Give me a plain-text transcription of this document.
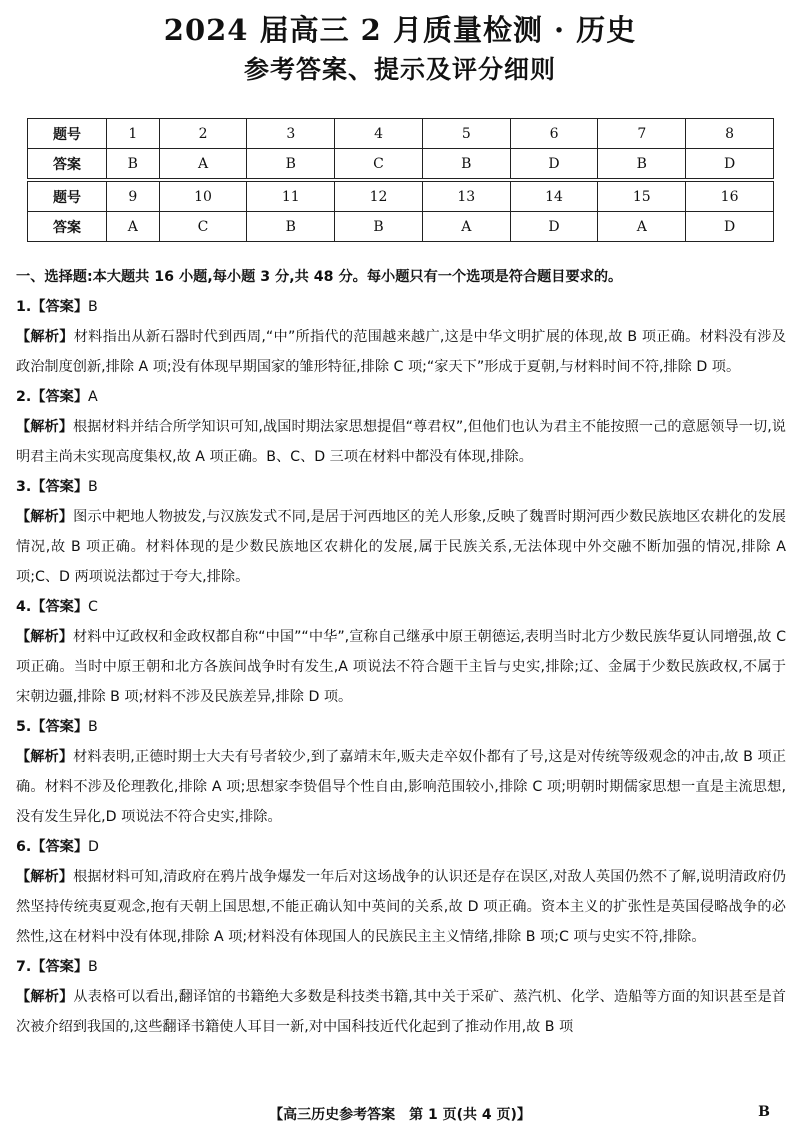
2024 届高三 2 月质量检测 · 历史
参考答案、提示及评分细则
题号	1	2	3	4	5	6	7	8
答案	B	A	B	C	B	D	B	D
题号	9	10	11	12	13	14	15	16
答案	A	C	B	B	A	D	A	D

一、选择题:本大题共 16 小题,每小题 3 分,共 48 分。每小题只有一个选项是符合题目要求的。

1.【答案】B

【解析】材料指出从新石器时代到西周,“中”所指代的范围越来越广,这是中华文明扩展的体现,故 B 项正确。材料没有涉及政治制度创新,排除 A 项;没有体现早期国家的雏形特征,排除 C 项;“家天下”形成于夏朝,与材料时间不符,排除 D 项。

2.【答案】A

【解析】根据材料并结合所学知识可知,战国时期法家思想提倡“尊君权”,但他们也认为君主不能按照一己的意愿领导一切,说明君主尚未实现高度集权,故 A 项正确。B、C、D 三项在材料中都没有体现,排除。

3.【答案】B

【解析】图示中耙地人物披发,与汉族发式不同,是居于河西地区的羌人形象,反映了魏晋时期河西少数民族地区农耕化的发展情况,故 B 项正确。材料体现的是少数民族地区农耕化的发展,属于民族关系,无法体现中外交融不断加强的情况,排除 A 项;C、D 两项说法都过于夸大,排除。

4.【答案】C

【解析】材料中辽政权和金政权都自称“中国”“中华”,宣称自己继承中原王朝德运,表明当时北方少数民族华夏认同增强,故 C 项正确。当时中原王朝和北方各族间战争时有发生,A 项说法不符合题干主旨与史实,排除;辽、金属于少数民族政权,不属于宋朝边疆,排除 B 项;材料不涉及民族差异,排除 D 项。

5.【答案】B

【解析】材料表明,正德时期士大夫有号者较少,到了嘉靖末年,贩夫走卒奴仆都有了号,这是对传统等级观念的冲击,故 B 项正确。材料不涉及伦理教化,排除 A 项;思想家李贽倡导个性自由,影响范围较小,排除 C 项;明朝时期儒家思想一直是主流思想,没有发生异化,D 项说法不符合史实,排除。

6.【答案】D

【解析】根据材料可知,清政府在鸦片战争爆发一年后对这场战争的认识还是存在误区,对敌人英国仍然不了解,说明清政府仍然坚持传统夷夏观念,抱有天朝上国思想,不能正确认知中英间的关系,故 D 项正确。资本主义的扩张性是英国侵略战争的必然性,这在材料中没有体现,排除 A 项;材料没有体现国人的民族民主主义情绪,排除 B 项;C 项与史实不符,排除。

7.【答案】B

【解析】从表格可以看出,翻译馆的书籍绝大多数是科技类书籍,其中关于采矿、蒸汽机、化学、造船等方面的知识甚至是首次被介绍到我国的,这些翻译书籍使人耳目一新,对中国科技近代化起到了推动作用,故 B 项

【高三历史参考答案　第 1 页(共 4 页)】	B
